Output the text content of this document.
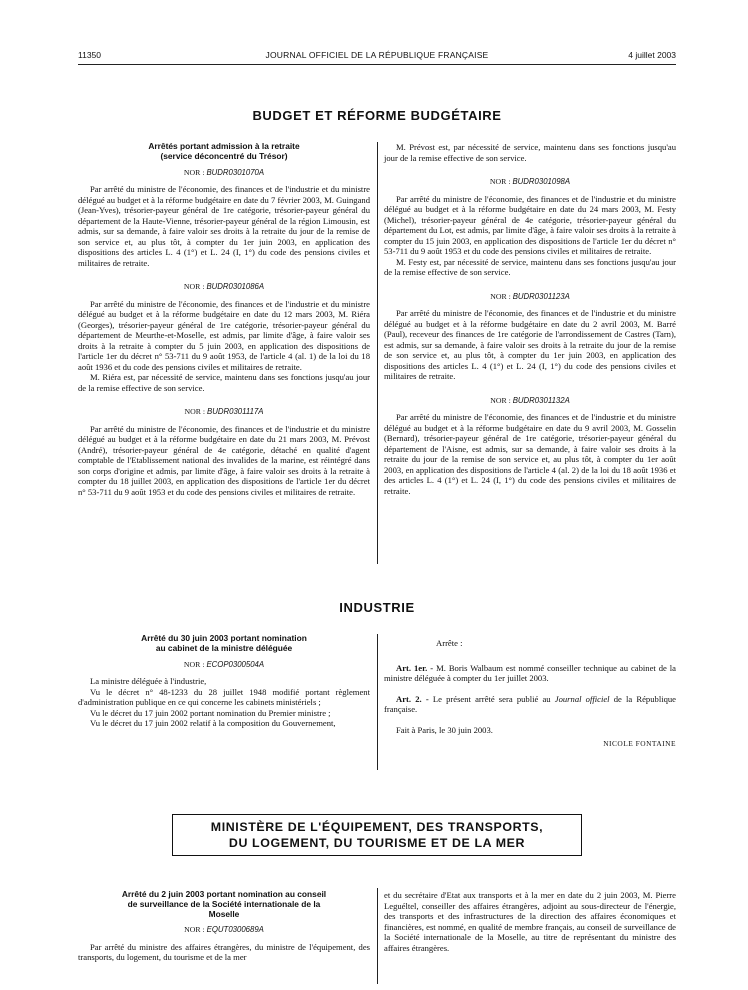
11350	JOURNAL OFFICIEL DE LA RÉPUBLIQUE FRANÇAISE	4 juillet 2003
BUDGET ET RÉFORME BUDGÉTAIRE
Arrêtés portant admission à la retraite
(service déconcentré du Trésor)

NOR : BUDR0301070A

Par arrêté du ministre de l'économie, des finances et de l'industrie et du ministre délégué au budget et à la réforme budgétaire en date du 7 février 2003, M. Guingand (Jean-Yves), trésorier-payeur général de 1re catégorie, trésorier-payeur général du département de la Haute-Vienne, trésorier-payeur général de la région Limousin, est admis, sur sa demande, à faire valoir ses droits à la retraite du jour de la remise de son service et, au plus tôt, à compter du 1er juin 2003, en application des dispositions des articles L. 4 (1°) et L. 24 (I, 1°) du code des pensions civiles et militaires de retraite.

NOR : BUDR0301086A

Par arrêté du ministre de l'économie, des finances et de l'industrie et du ministre délégué au budget et à la réforme budgétaire en date du 12 mars 2003, M. Riéra (Georges), trésorier-payeur général de 1re catégorie, trésorier-payeur général du département de Meurthe-et-Moselle, est admis, par limite d'âge, à faire valoir ses droits à la retraite à compter du 5 juin 2003, en application des dispositions de l'article 1er du décret n° 53-711 du 9 août 1953, de l'article 4 (al. 1) de la loi du 18 août 1936 et du code des pensions civiles et militaires de retraite.

M. Riéra est, par nécessité de service, maintenu dans ses fonctions jusqu'au jour de la remise effective de son service.

NOR : BUDR0301117A

Par arrêté du ministre de l'économie, des finances et de l'industrie et du ministre délégué au budget et à la réforme budgétaire en date du 21 mars 2003, M. Prévost (André), trésorier-payeur général de 4e catégorie, détaché en qualité d'agent comptable de l'Etablissement national des invalides de la marine, est réintégré dans son corps d'origine et admis, par limite d'âge, à faire valoir ses droits à la retraite à compter du 18 juillet 2003, en application des dispositions de l'article 1er du décret n° 53-711 du 9 août 1953 et du code des pensions civiles et militaires de retraite.

M. Prévost est, par nécessité de service, maintenu dans ses fonctions jusqu'au jour de la remise effective de son service.

NOR : BUDR0301098A

Par arrêté du ministre de l'économie, des finances et de l'industrie et du ministre délégué au budget et à la réforme budgétaire en date du 24 mars 2003, M. Festy (Michel), trésorier-payeur général de 4e catégorie, trésorier-payeur général du département du Lot, est admis, par limite d'âge, à faire valoir ses droits à la retraite à compter du 15 juin 2003, en application des dispositions de l'article 1er du décret n° 53-711 du 9 août 1953 et du code des pensions civiles et militaires de retraite.

M. Festy est, par nécessité de service, maintenu dans ses fonctions jusqu'au jour de la remise effective de son service.

NOR : BUDR0301123A

Par arrêté du ministre de l'économie, des finances et de l'industrie et du ministre délégué au budget et à la réforme budgétaire en date du 2 avril 2003, M. Barré (Paul), receveur des finances de 1re catégorie de l'arrondissement de Castres (Tarn), est admis, sur sa demande, à faire valoir ses droits à la retraite du jour de la remise de son service et, au plus tôt, à compter du 1er juin 2003, en application des dispositions des articles L. 4 (1°) et L. 24 (I, 1°) du code des pensions civiles et militaires de retraite.

NOR : BUDR0301132A

Par arrêté du ministre de l'économie, des finances et de l'industrie et du ministre délégué au budget et à la réforme budgétaire en date du 9 avril 2003, M. Gosselin (Bernard), trésorier-payeur général de 1re catégorie, trésorier-payeur général du département de l'Aisne, est admis, sur sa demande, à faire valoir ses droits à la retraite du jour de la remise de son service et, au plus tôt, à compter du 1er août 2003, en application des dispositions de l'article 4 (al. 2) de la loi du 18 août 1936 et des articles L. 4 (1°) et L. 24 (I, 1°) du code des pensions civiles et militaires de retraite.

INDUSTRIE
Arrêté du 30 juin 2003 portant nomination
au cabinet de la ministre déléguée

NOR : ECOP0300504A

La ministre déléguée à l'industrie,

Vu le décret n° 48-1233 du 28 juillet 1948 modifié portant règlement d'administration publique en ce qui concerne les cabinets ministériels ;

Vu le décret du 17 juin 2002 portant nomination du Premier ministre ;

Vu le décret du 17 juin 2002 relatif à la composition du Gouvernement,

Arrête :

Art. 1er. - M. Boris Walbaum est nommé conseiller technique au cabinet de la ministre déléguée à compter du 1er juillet 2003.

Art. 2. - Le présent arrêté sera publié au Journal officiel de la République française.

Fait à Paris, le 30 juin 2003.

NICOLE FONTAINE
MINISTÈRE DE L'ÉQUIPEMENT, DES TRANSPORTS,
DU LOGEMENT, DU TOURISME ET DE LA MER
Arrêté du 2 juin 2003 portant nomination au conseil
de surveillance de la Société internationale de la
Moselle

NOR : EQUT0300689A

Par arrêté du ministre des affaires étrangères, du ministre de l'équipement, des transports, du logement, du tourisme et de la mer

et du secrétaire d'Etat aux transports et à la mer en date du 2 juin 2003, M. Pierre Leguéltel, conseiller des affaires étrangères, adjoint au sous-directeur de l'énergie, des transports et des infrastructures de la direction des affaires économiques et financières, est nommé, en qualité de membre français, au conseil de surveillance de la Société internationale de la Moselle, au titre de représentant du ministre des affaires étrangères.
